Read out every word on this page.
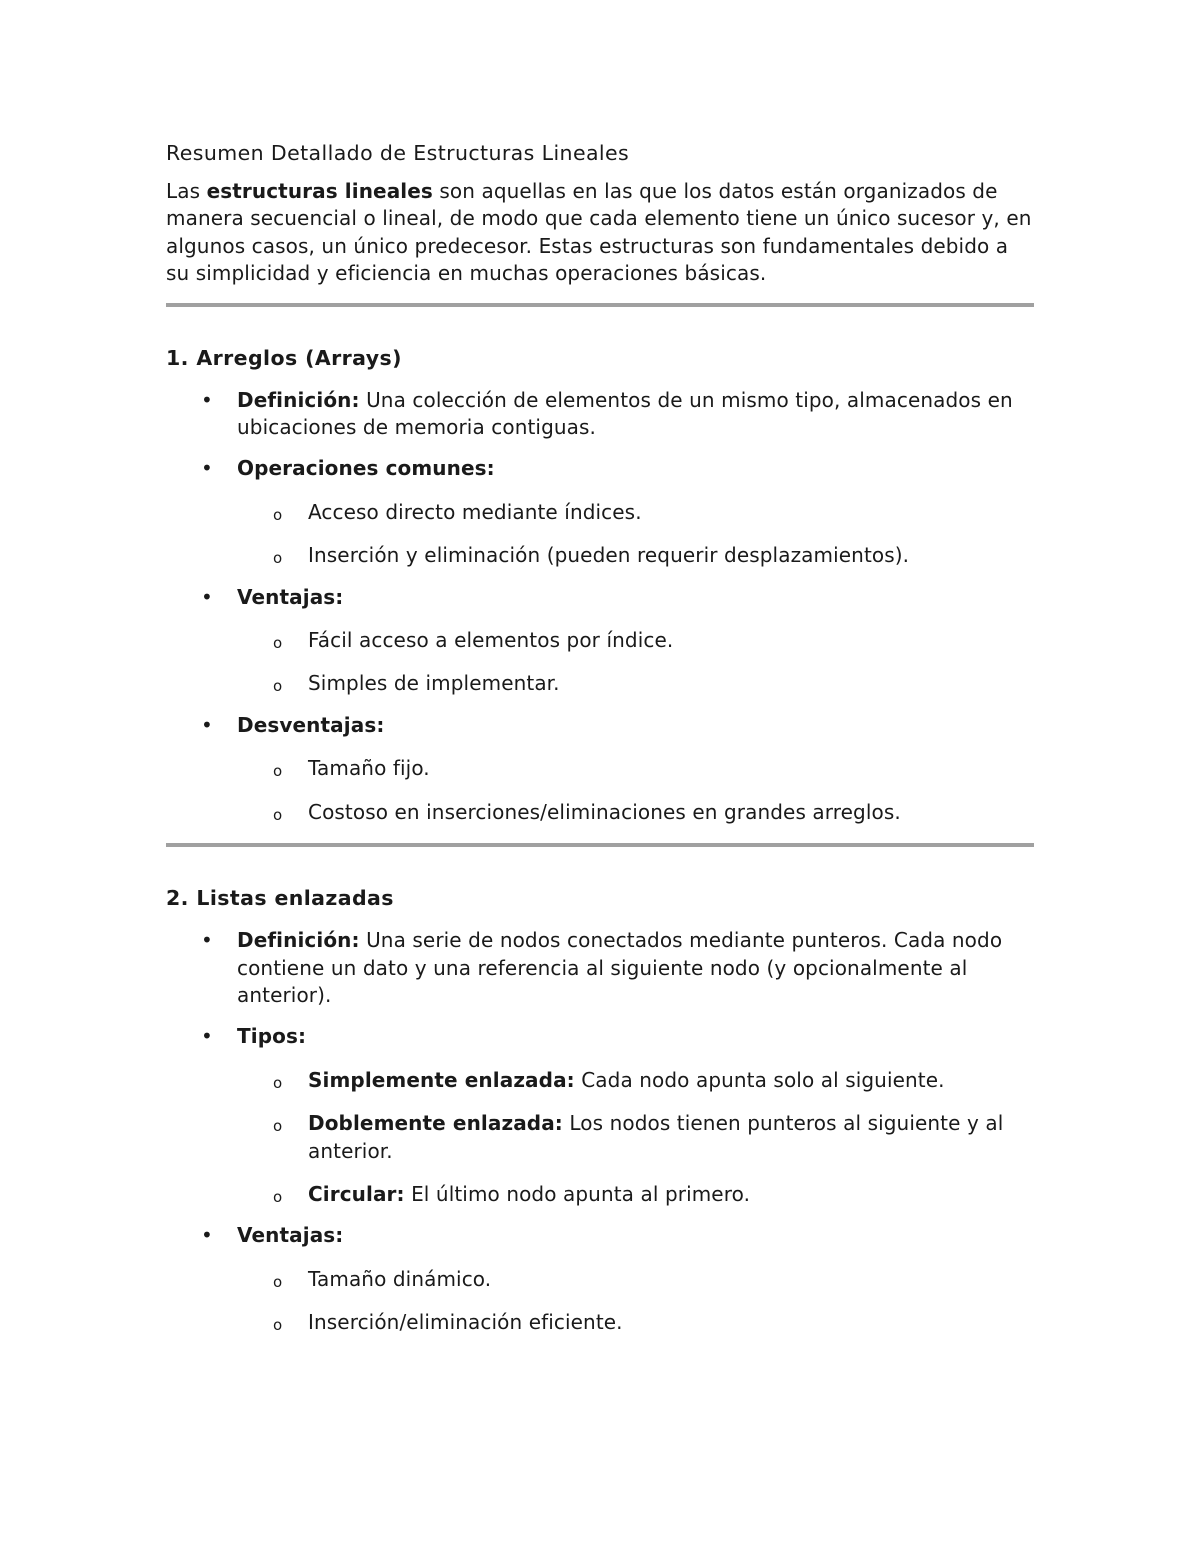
Resumen Detallado de Estructuras Lineales

Las estructuras lineales son aquellas en las que los datos están organizados de manera secuencial o lineal, de modo que cada elemento tiene un único sucesor y, en algunos casos, un único predecesor. Estas estructuras son fundamentales debido a su simplicidad y eficiencia en muchas operaciones básicas.

1. Arreglos (Arrays)
• Definición: Una colección de elementos de un mismo tipo, almacenados en ubicaciones de memoria contiguas.
• Operaciones comunes:
o Acceso directo mediante índices.
o Inserción y eliminación (pueden requerir desplazamientos).
• Ventajas:
o Fácil acceso a elementos por índice.
o Simples de implementar.
• Desventajas:
o Tamaño fijo.
o Costoso en inserciones/eliminaciones en grandes arreglos.
2. Listas enlazadas
• Definición: Una serie de nodos conectados mediante punteros. Cada nodo contiene un dato y una referencia al siguiente nodo (y opcionalmente al anterior).
• Tipos:
o Simplemente enlazada: Cada nodo apunta solo al siguiente.
o Doblemente enlazada: Los nodos tienen punteros al siguiente y al anterior.
o Circular: El último nodo apunta al primero.
• Ventajas:
o Tamaño dinámico.
o Inserción/eliminación eficiente.
